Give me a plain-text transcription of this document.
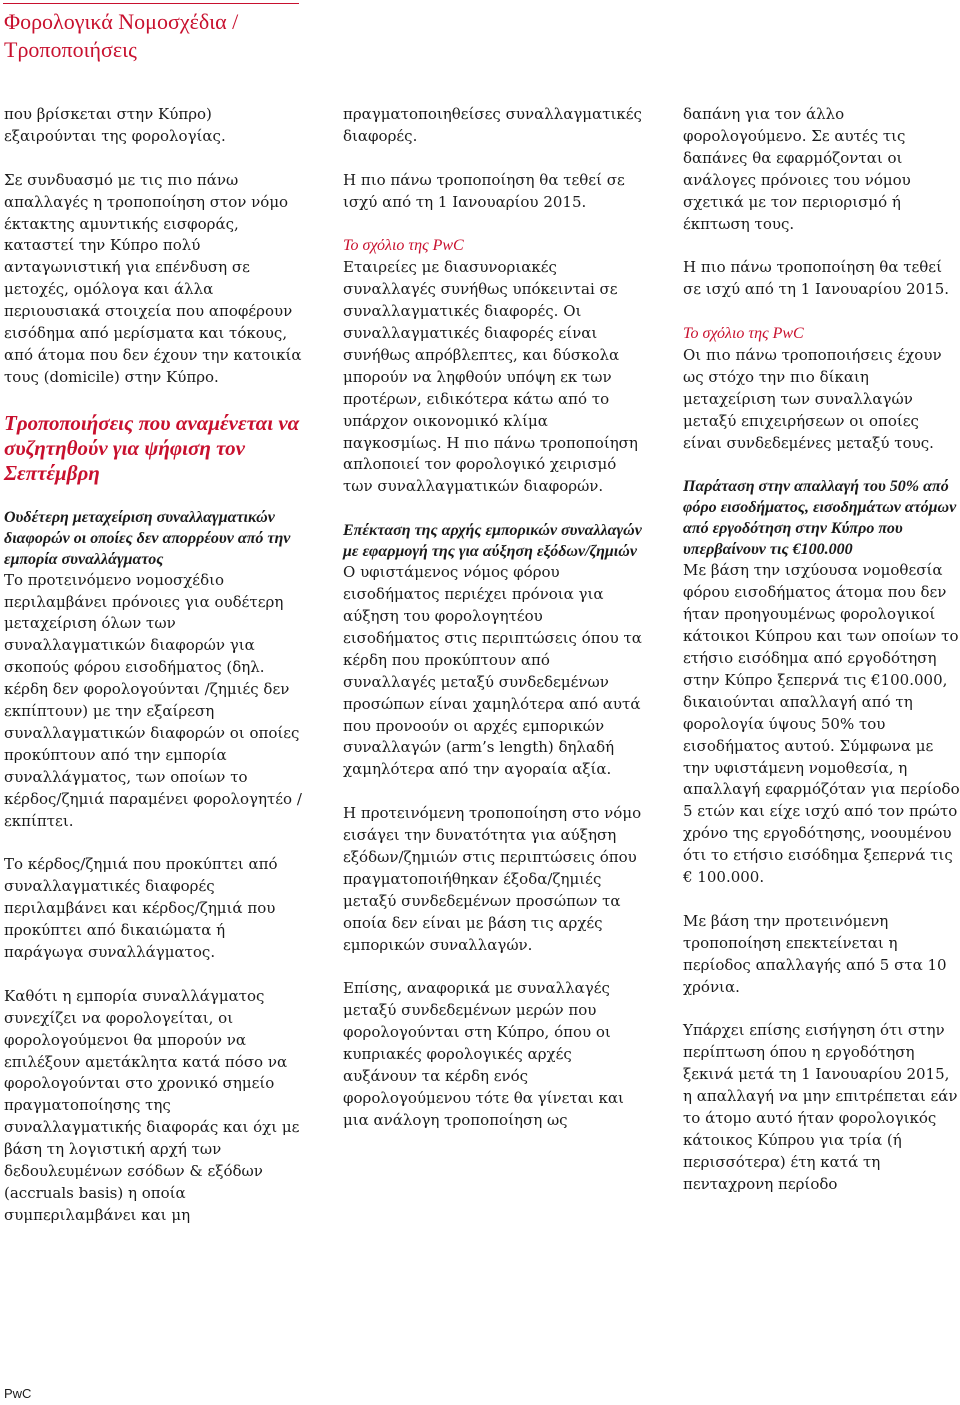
Φορολογικά Νομοσχέδια / Τροποποιήσεις

που βρίσκεται στην Κύπρο) εξαιρούνται της φορολογίας.

Σε συνδυασμό με τις πιο πάνω απαλλαγές η τροποποίηση στον νόμο έκτακτης αμυντικής εισφοράς, καταστεί την Κύπρο πολύ ανταγωνιστική για επένδυση σε μετοχές, ομόλογα και άλλα περιουσιακά στοιχεία που αποφέρουν εισόδημα από μερίσματα και τόκους, από άτομα που δεν έχουν την κατοικία τους (domicile) στην Κύπρο.

Τροποποιήσεις που αναμένεται να συζητηθούν για ψήφιση τον Σεπτέμβρη
Ουδέτερη μεταχείριση συναλλαγματικών διαφορών οι οποίες δεν απορρέουν από την εμπορία συναλλάγματος

Το προτεινόμενο νομοσχέδιο περιλαμβάνει πρόνοιες για ουδέτερη μεταχείριση όλων των συναλλαγματικών διαφορών για σκοπούς φόρου εισοδήματος (δηλ. κέρδη δεν φορολογούνται /ζημιές δεν εκπίπτουν) με την εξαίρεση συναλλαγματικών διαφορών οι οποίες προκύπτουν από την εμπορία συναλλάγματος, των οποίων το κέρδος/ζημιά παραμένει φορολογητέο /εκπίπτει.

Το κέρδος/ζημιά που προκύπτει από συναλλαγματικές διαφορές περιλαμβάνει και κέρδος/ζημιά που προκύπτει από δικαιώματα ή παράγωγα συναλλάγματος.

Καθότι η εμπορία συναλλάγματος συνεχίζει να φορολογείται, οι φορολογούμενοι θα μπορούν να επιλέξουν αμετάκλητα κατά πόσο να φορολογούνται στο χρονικό σημείο πραγματοποίησης της συναλλαγματικής διαφοράς και όχι με βάση τη λογιστική αρχή των δεδουλευμένων εσόδων & εξόδων (accruals basis) η οποία συμπεριλαμβάνει και μη

πραγματοποιηθείσες συναλλαγματικές διαφορές.

Η πιο πάνω τροποποίηση θα τεθεί σε ισχύ από τη 1 Ιανουαρίου 2015.

Το σχόλιο της PwC
Εταιρείες με διασυνοριακές συναλλαγές συνήθως υπόκειντai σε συναλλαγματικές διαφορές. Οι συναλλαγματικές διαφορές είναι συνήθως απρόβλεπτες, και δύσκολα μπορούν να ληφθούν υπόψη εκ των προτέρων, ειδικότερα κάτω από το υπάρχον οικονομικό κλίμα παγκοσμίως. Η πιο πάνω τροποποίηση απλοποιεί τον φορολογικό χειρισμό των συναλλαγματικών διαφορών.

Επέκταση της αρχής εμπορικών συναλλαγών με εφαρμογή της για αύξηση εξόδων/ζημιών

Ο υφιστάμενος νόμος φόρου εισοδήματος περιέχει πρόνοια για αύξηση του φορολογητέου εισοδήματος στις περιπτώσεις όπου τα κέρδη που προκύπτουν από συναλλαγές μεταξύ συνδεδεμένων προσώπων είναι χαμηλότερα από αυτά που προνοούν οι αρχές εμπορικών συναλλαγών (arm’s length) δηλαδή χαμηλότερα από την αγοραία αξία.

Η προτεινόμενη τροποποίηση στο νόμο εισάγει την δυνατότητα για αύξηση εξόδων/ζημιών στις περιπτώσεις όπου πραγματοποιήθηκαν έξοδα/ζημιές μεταξύ συνδεδεμένων προσώπων τα οποία δεν είναι με βάση τις αρχές εμπορικών συναλλαγών.

Επίσης, αναφορικά με συναλλαγές μεταξύ συνδεδεμένων μερών που φορολογούνται στη Κύπρο, όπου οι κυπριακές φορολογικές αρχές αυξάνουν τα κέρδη ενός φορολογούμενου τότε θα γίνεται και μια ανάλογη τροποποίηση ως

δαπάνη για τον άλλο φορολογούμενο. Σε αυτές τις δαπάνες θα εφαρμόζονται οι ανάλογες πρόνοιες του νόμου σχετικά με τον περιορισμό ή έκπτωση τους.

Η πιο πάνω τροποποίηση θα τεθεί σε ισχύ από τη 1 Ιανουαρίου 2015.

Το σχόλιο της PwC
Οι πιο πάνω τροποποιήσεις έχουν ως στόχο την πιο δίκαιη μεταχείριση των συναλλαγών μεταξύ επιχειρήσεων οι οποίες είναι συνδεδεμένες μεταξύ τους.

Παράταση στην απαλλαγή του 50% από φόρο εισοδήματος, εισοδημάτων ατόμων από εργοδότηση στην Κύπρο που υπερβαίνουν τις €100.000

Με βάση την ισχύουσα νομοθεσία φόρου εισοδήματος άτομα που δεν ήταν προηγουμένως φορολογικοί κάτοικοι Κύπρου και των οποίων το ετήσιο εισόδημα από εργοδότηση στην Κύπρο ξεπερνά τις €100.000, δικαιούνται απαλλαγή από τη φορολογία ύψους 50% του εισοδήματος αυτού. Σύμφωνα με την υφιστάμενη νομοθεσία, η απαλλαγή εφαρμόζόταν για περίοδο 5 ετών και είχε ισχύ από τον πρώτο χρόνο της εργοδότησης, νοουμένου ότι το ετήσιο εισόδημα ξεπερνά τις € 100.000.

Με βάση την προτεινόμενη τροποποίηση επεκτείνεται η περίοδος απαλλαγής από 5 στα 10 χρόνια.

Υπάρχει επίσης εισήγηση ότι στην περίπτωση όπου η εργοδότηση ξεκινά μετά τη 1 Ιανουαρίου 2015, η απαλλαγή να μην επιτρέπεται εάν το άτομο αυτό ήταν φορολογικός κάτοικος Κύπρου για τρία (ή περισσότερα) έτη κατά τη πενταχρονη περίοδο

PwC
